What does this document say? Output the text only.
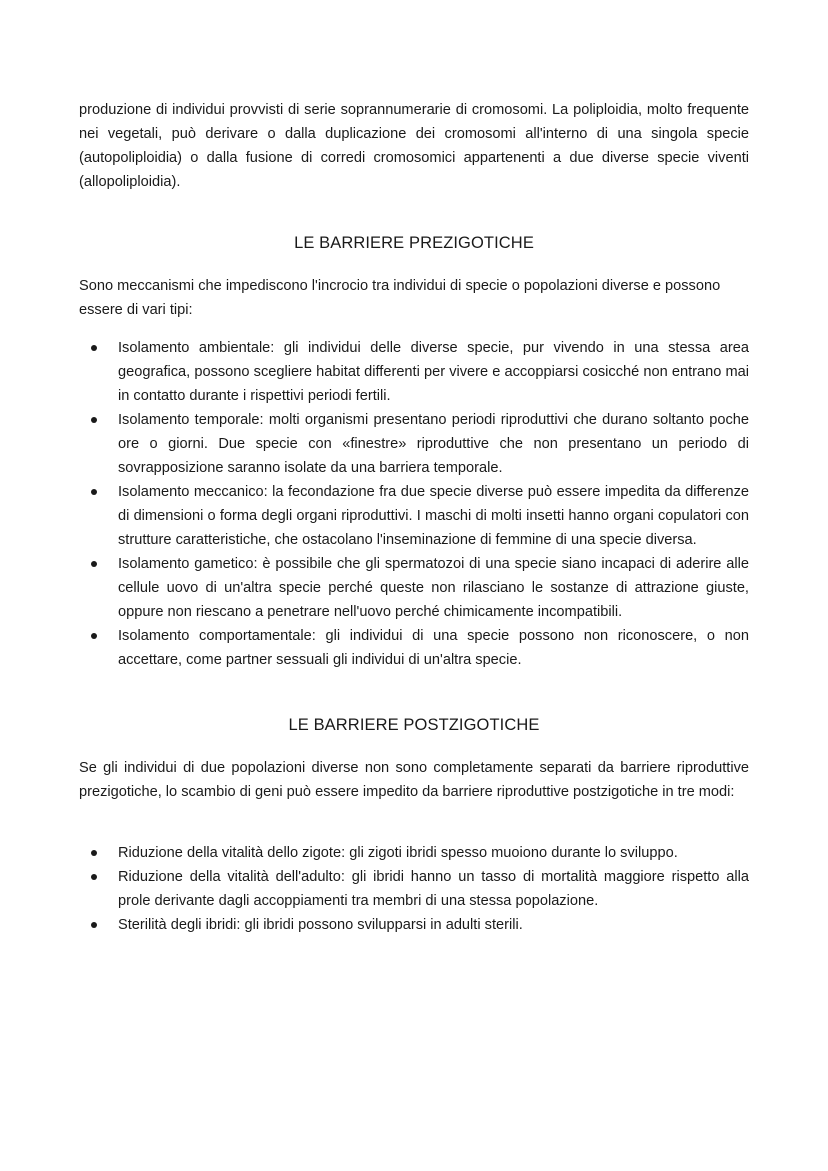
produzione di individui provvisti di serie soprannumerarie di cromosomi. La poliploidia, molto frequente nei vegetali, può derivare o dalla duplicazione dei cromosomi all'interno di una singola specie (autopoliploidia) o dalla fusione di corredi cromosomici appartenenti a due diverse specie viventi (allopoliploidia).

LE BARRIERE PREZIGOTICHE

Sono meccanismi che impediscono l'incrocio tra individui di specie o popolazioni diverse e possono essere di vari tipi:

Isolamento ambientale: gli individui delle diverse specie, pur vivendo in una stessa area geografica, possono scegliere habitat differenti per vivere e accoppiarsi cosicché non entrano mai in contatto durante i rispettivi periodi fertili.
Isolamento temporale: molti organismi presentano periodi riproduttivi che durano soltanto poche ore o giorni. Due specie con «finestre» riproduttive che non presentano un periodo di sovrapposizione saranno isolate da una barriera temporale.
Isolamento meccanico: la fecondazione fra due specie diverse può essere impedita da differenze di dimensioni o forma degli organi riproduttivi. I maschi di molti insetti hanno organi copulatori con strutture caratteristiche, che ostacolano l'inseminazione di femmine di una specie diversa.
Isolamento gametico: è possibile che gli spermatozoi di una specie siano incapaci di aderire alle cellule uovo di un'altra specie perché queste non rilasciano le sostanze di attrazione giuste, oppure non riescano a penetrare nell'uovo perché chimicamente incompatibili.
Isolamento comportamentale: gli individui di una specie possono non riconoscere, o non accettare, come partner sessuali gli individui di un'altra specie.
LE BARRIERE POSTZIGOTICHE

Se gli individui di due popolazioni diverse non sono completamente separati da barriere riproduttive prezigotiche, lo scambio di geni può essere impedito da barriere riproduttive postzigotiche in tre modi:

Riduzione della vitalità dello zigote: gli zigoti ibridi spesso muoiono durante lo sviluppo.
Riduzione della vitalità dell'adulto: gli ibridi hanno un tasso di mortalità maggiore rispetto alla prole derivante dagli accoppiamenti tra membri di una stessa popolazione.
Sterilità degli ibridi: gli ibridi possono svilupparsi in adulti sterili.
